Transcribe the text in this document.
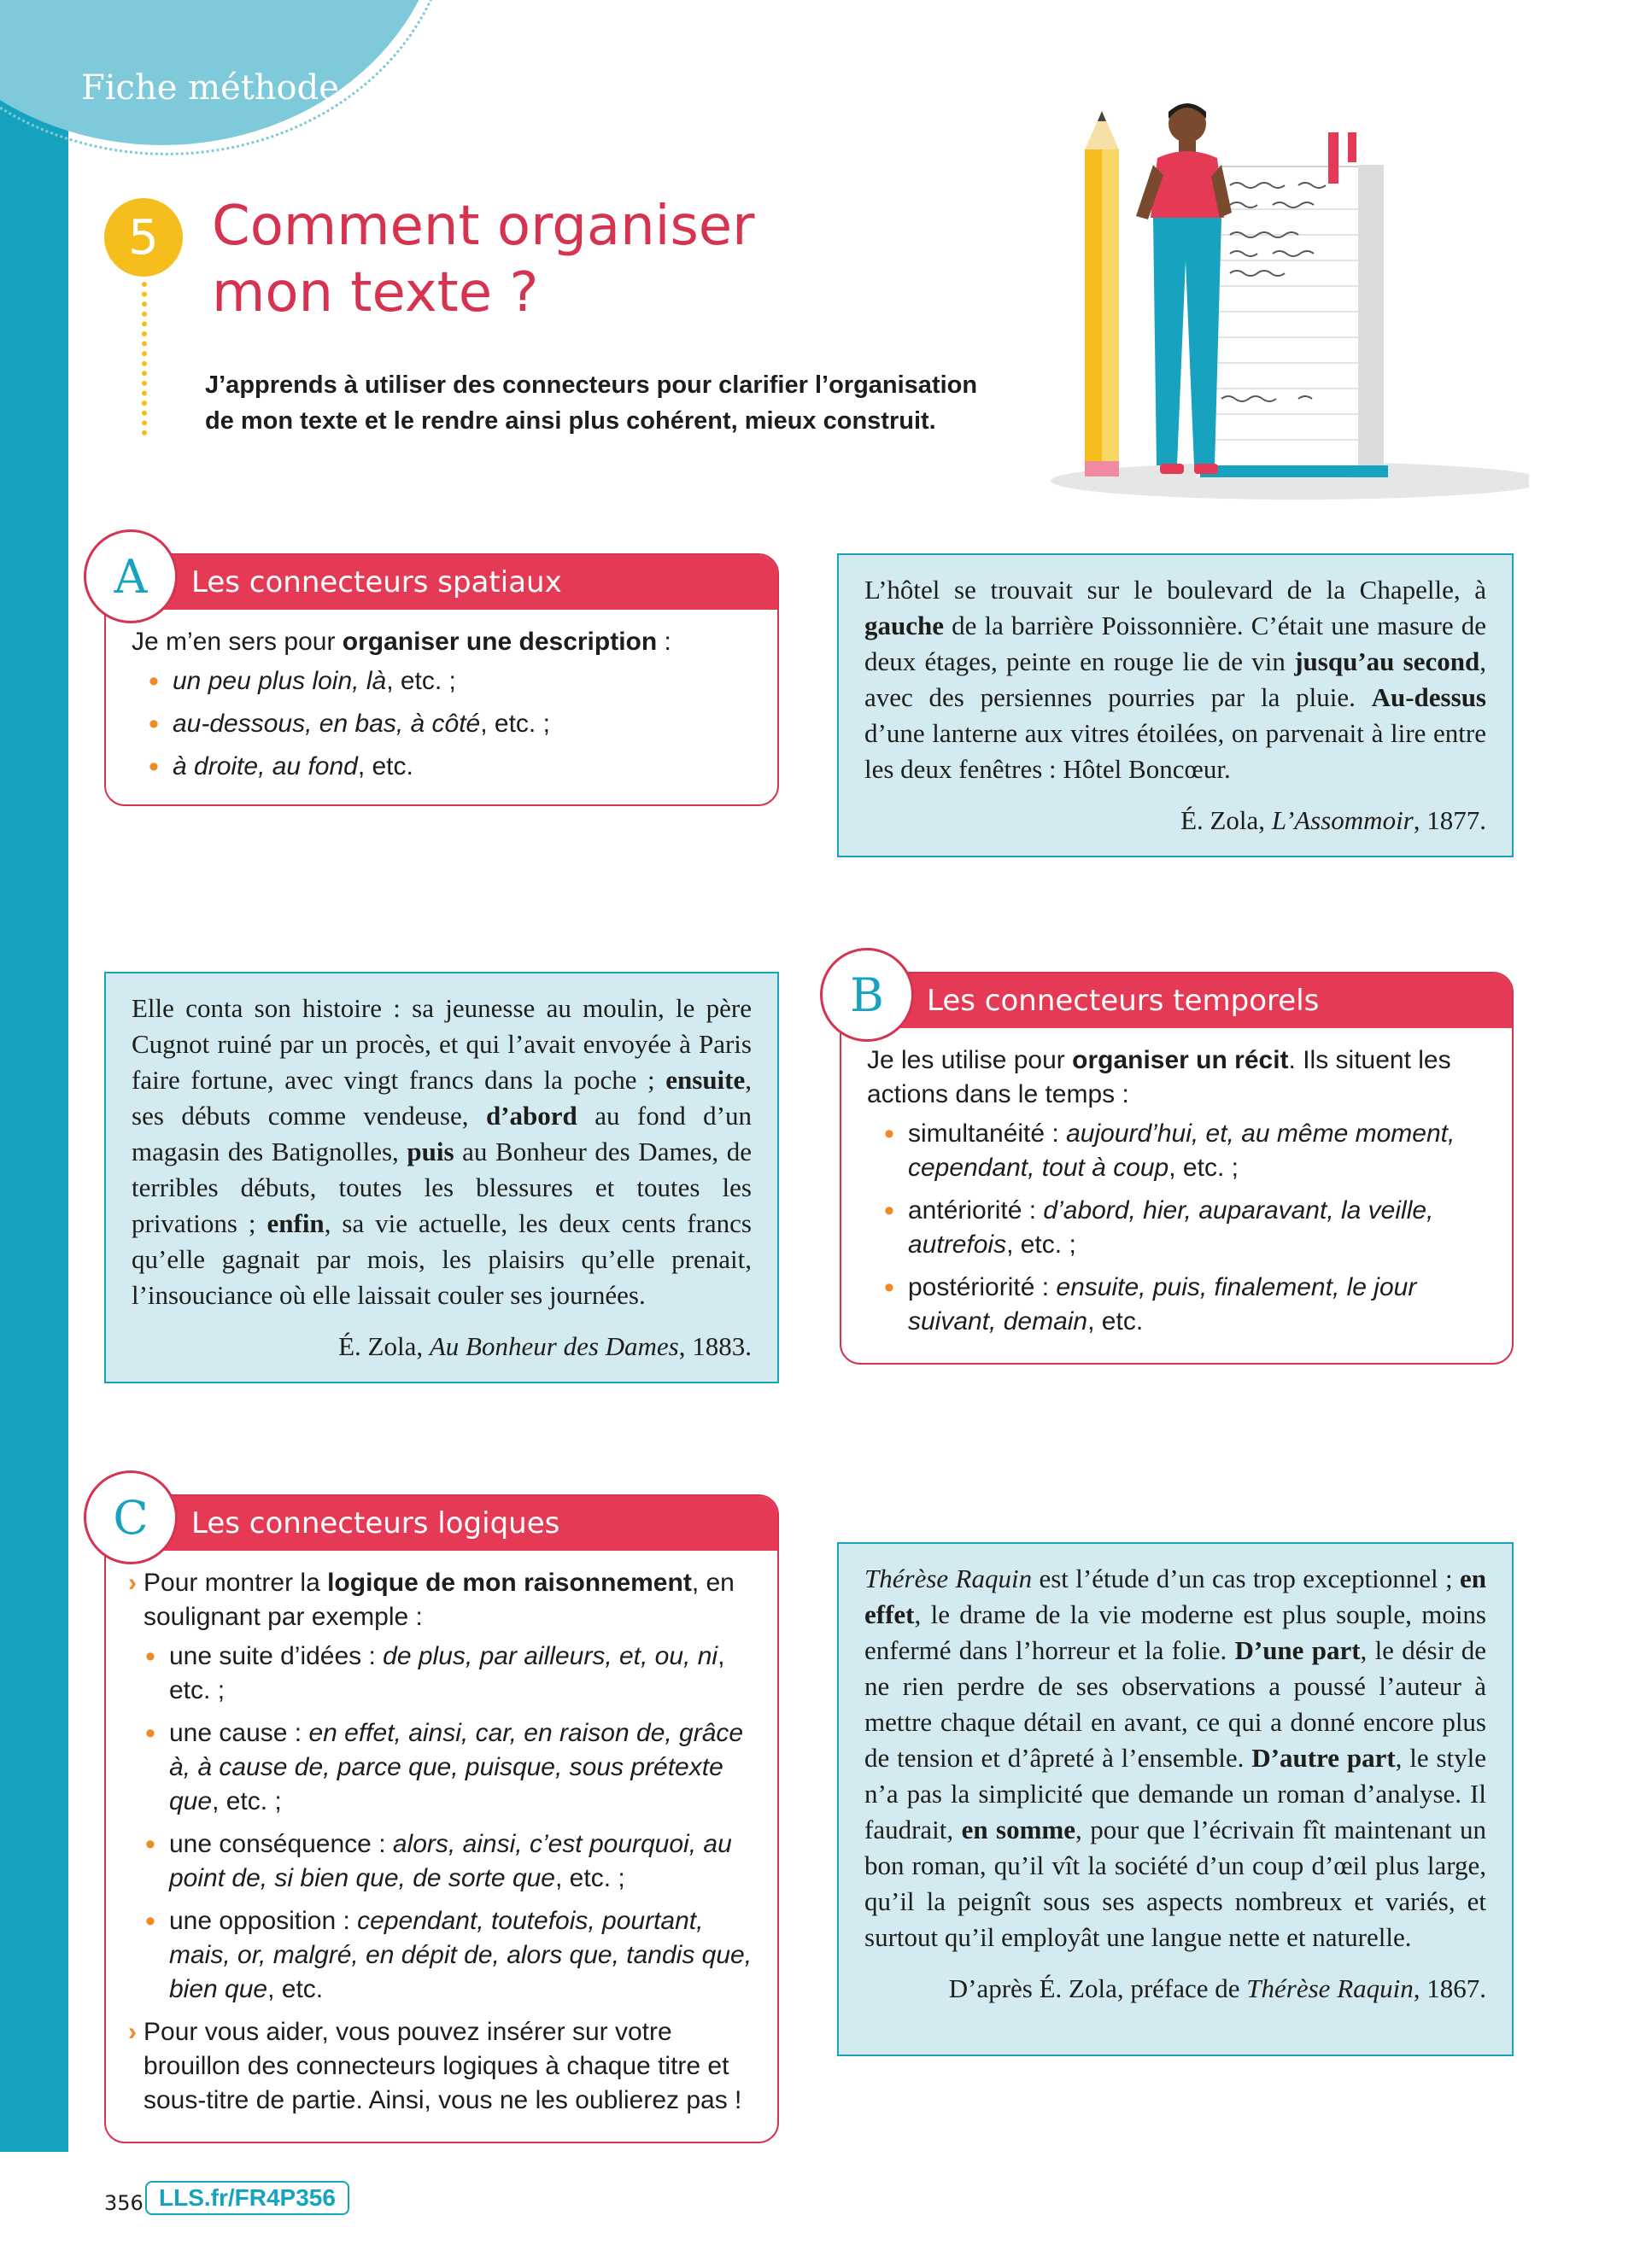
Fiche méthode
5 Comment organiser mon texte ?
J’apprends à utiliser des connecteurs pour clarifier l’organisation de mon texte et le rendre ainsi plus cohérent, mieux construit.
Les connecteurs spatiaux

Je m’en sers pour organiser une description :

• un peu plus loin, là, etc. ;
• au-dessous, en bas, à côté, etc. ;
• à droite, au fond, etc.
A	L’hôtel se trouvait sur le boulevard de la Chapelle, à gauche de la barrière Poissonnière. C’était une masure de deux étages, peinte en rouge lie de vin jusqu’au second, avec des persiennes pourries par la pluie. Au-dessus d’une lanterne aux vitres étoilées, on parvenait à lire entre les deux fenêtres : Hôtel Boncœur.

É. Zola, L’Assommoir, 1877.

Elle conta son histoire : sa jeunesse au moulin, le père Cugnot ruiné par un procès, et qui l’avait envoyée à Paris faire fortune, avec vingt francs dans la poche ; ensuite, ses débuts comme vendeuse, d’abord au fond d’un magasin des Batignolles, puis au Bonheur des Dames, de terribles débuts, toutes les blessures et toutes les privations ; enfin, sa vie actuelle, les deux cents francs qu’elle gagnait par mois, les plaisirs qu’elle prenait, l’insouciance où elle laissait couler ses journées.

É. Zola, Au Bonheur des Dames, 1883.

Les connecteurs temporels

Je les utilise pour organiser un récit. Ils situent les actions dans le temps :

• simultanéité : aujourd’hui, et, au même moment, cependant, tout à coup, etc. ;
• antériorité : d’abord, hier, auparavant, la veille, autrefois, etc. ;
• postériorité : ensuite, puis, finalement, le jour suivant, demain, etc.
B
Les connecteurs logiques
› Pour montrer la logique de mon raisonnement, en soulignant par exemple :
• une suite d’idées : de plus, par ailleurs, et, ou, ni, etc. ;
• une cause : en effet, ainsi, car, en raison de, grâce à, à cause de, parce que, puisque, sous prétexte que, etc. ;
• une conséquence : alors, ainsi, c’est pourquoi, au point de, si bien que, de sorte que, etc. ;
• une opposition : cependant, toutefois, pourtant, mais, or, malgré, en dépit de, alors que, tandis que, bien que, etc.
› Pour vous aider, vous pouvez insérer sur votre brouillon des connecteurs logiques à chaque titre et sous-titre de partie. Ainsi, vous ne les oublierez pas !
C

Thérèse Raquin est l’étude d’un cas trop exceptionnel ; en effet, le drame de la vie moderne est plus souple, moins enfermé dans l’horreur et la folie. D’une part, le désir de ne rien perdre de ses observations a poussé l’auteur à mettre chaque détail en avant, ce qui a donné encore plus de tension et d’âpreté à l’ensemble. D’autre part, le style n’a pas la simplicité que demande un roman d’analyse. Il faudrait, en somme, pour que l’écrivain fît maintenant un bon roman, qu’il vît la société d’un coup d’œil plus large, qu’il la peignît sous ses aspects nombreux et variés, et surtout qu’il employât une langue nette et naturelle.

D’après É. Zola, préface de Thérèse Raquin, 1867.

356 LLS.fr/FR4P356
